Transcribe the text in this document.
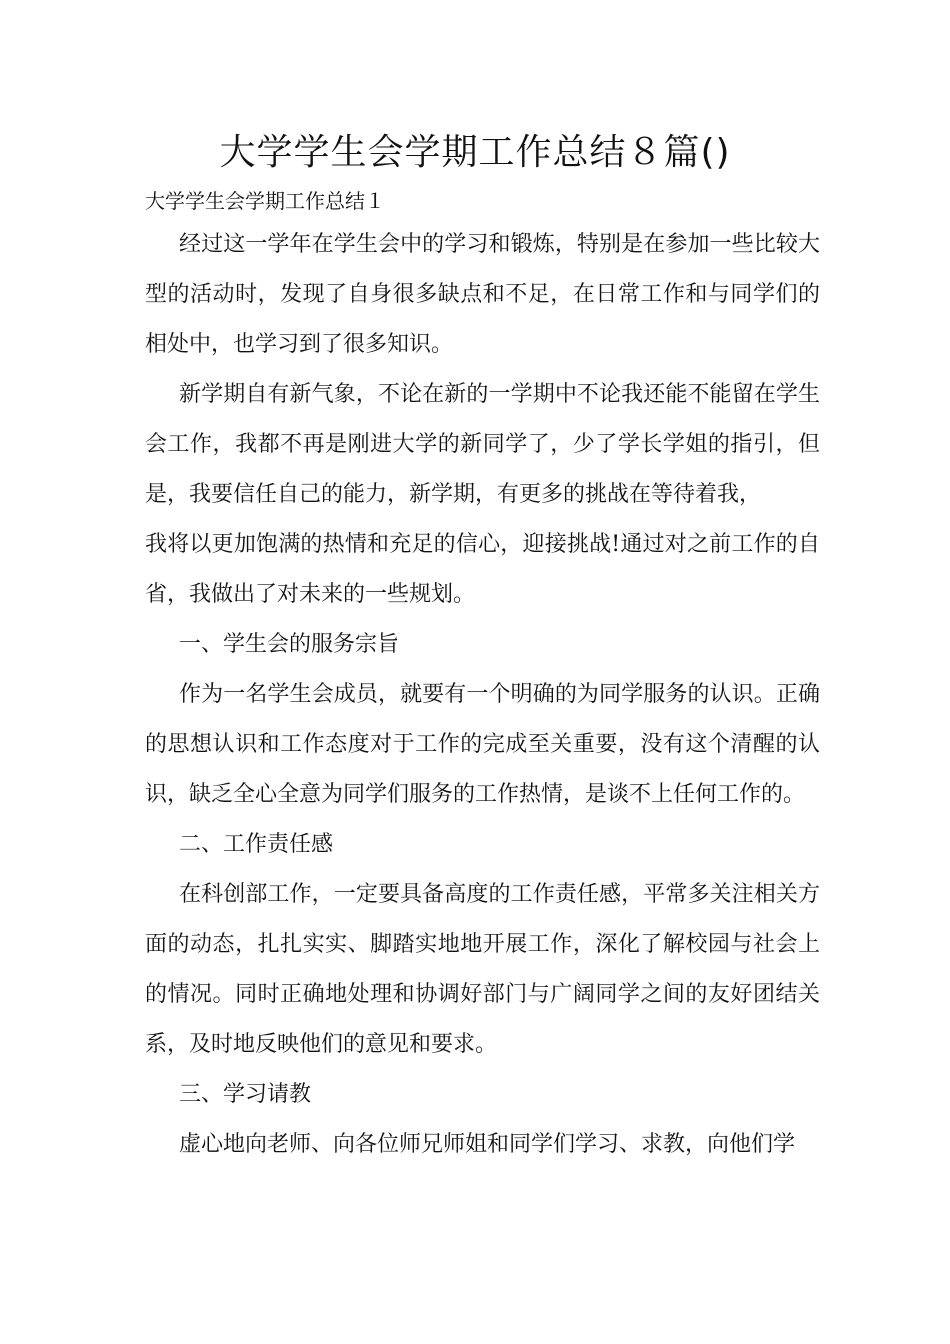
大学学生会学期工作总结８篇()

大学学生会学期工作总结１

经过这一学年在学生会中的学习和锻炼，特别是在参加一些比较大型的活动时，发现了自身很多缺点和不足，在日常工作和与同学们的相处中，也学习到了很多知识。

新学期自有新气象，不论在新的一学期中不论我还能不能留在学生会工作，我都不再是刚进大学的新同学了，少了学长学姐的指引，但是，我要信任自己的能力，新学期，有更多的挑战在等待着我，

我将以更加饱满的热情和充足的信心，迎接挑战!通过对之前工作的自省，我做出了对未来的一些规划。

一、学生会的服务宗旨

作为一名学生会成员，就要有一个明确的为同学服务的认识。正确的思想认识和工作态度对于工作的完成至关重要，没有这个清醒的认识，缺乏全心全意为同学们服务的工作热情，是谈不上任何工作的。

二、工作责任感

在科创部工作，一定要具备高度的工作责任感，平常多关注相关方面的动态，扎扎实实、脚踏实地地开展工作，深化了解校园与社会上的情况。同时正确地处理和协调好部门与广阔同学之间的友好团结关系，及时地反映他们的意见和要求。

三、学习请教

虚心地向老师、向各位师兄师姐和同学们学习、求教，向他们学
